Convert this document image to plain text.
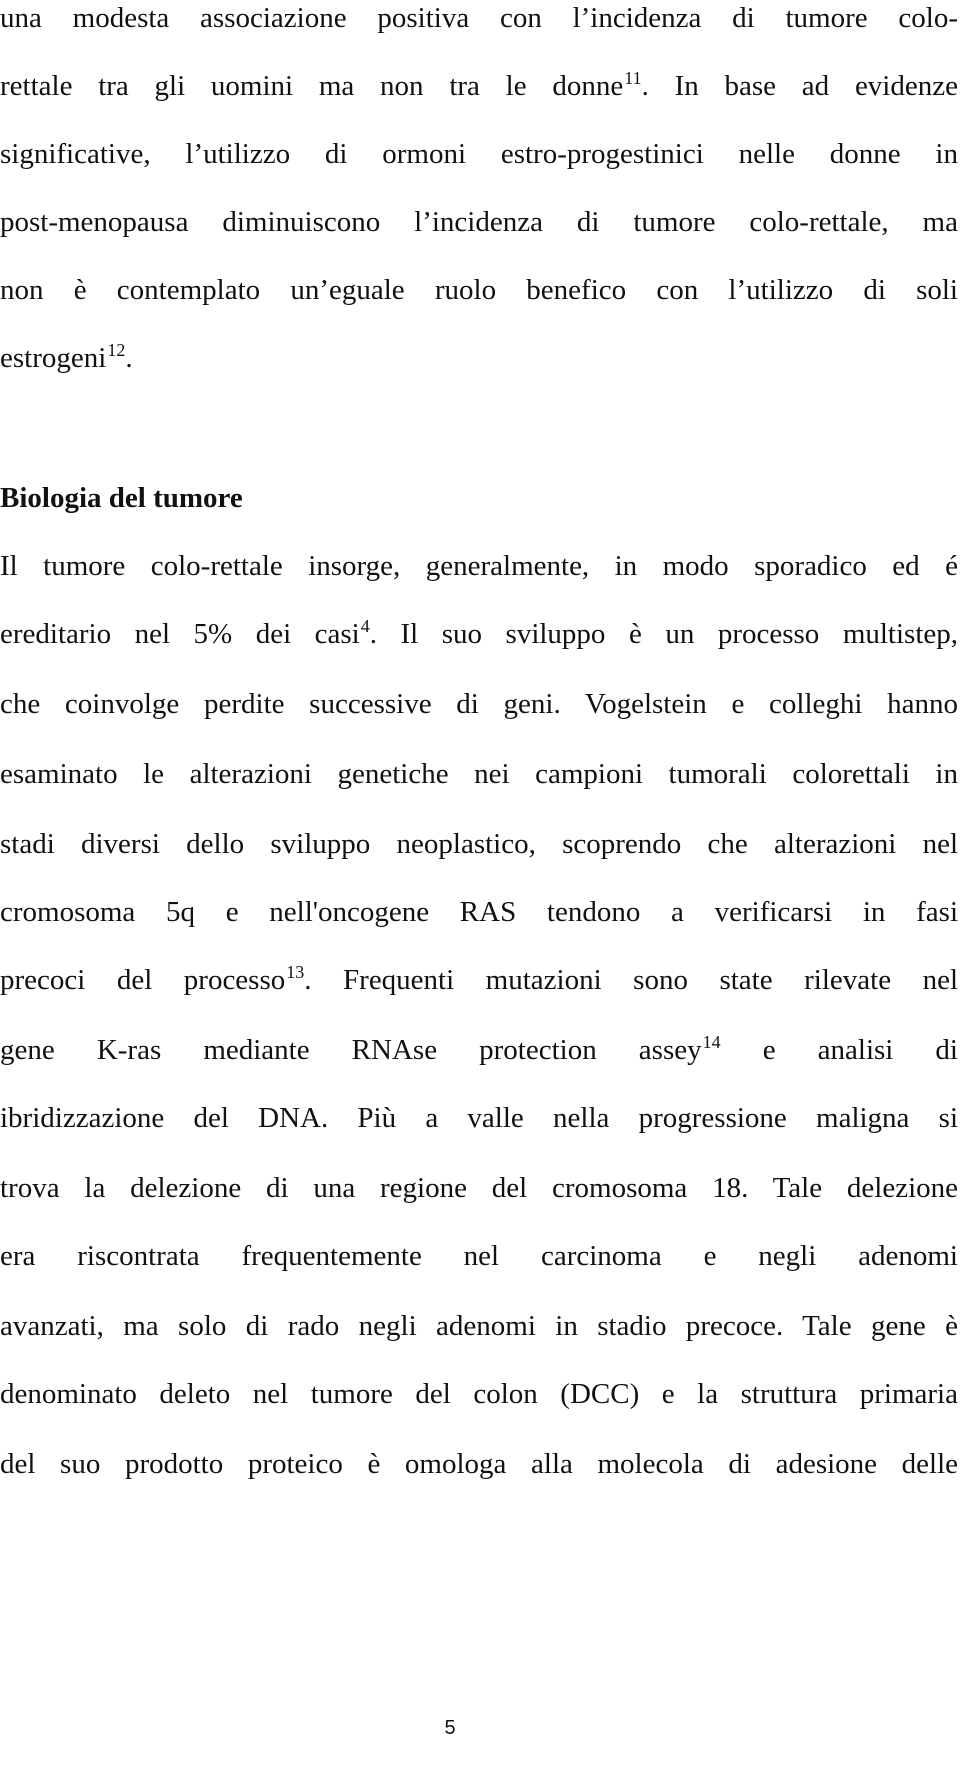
una modesta associazione positiva con l’incidenza di tumore colo-
rettale tra gli uomini ma non tra le donne$^{11}$. In base ad evidenze
significative, l’utilizzo di ormoni estro-progestinici nelle donne in
post-menopausa diminuiscono l’incidenza di tumore colo-rettale, ma
non è contemplato un’eguale ruolo benefico con l’utilizzo di soli
estrogeni$^{12}$.
Biologia del tumore
Il tumore colo-rettale insorge, generalmente, in modo sporadico ed é
ereditario nel 5% dei casi$^4$. Il suo sviluppo è un processo multistep,
che coinvolge perdite successive di geni. Vogelstein e colleghi hanno
esaminato le alterazioni genetiche nei campioni tumorali colorettali in
stadi diversi dello sviluppo neoplastico, scoprendo che alterazioni nel
cromosoma 5q e nell'oncogene RAS tendono a verificarsi in fasi
precoci del processo$^{13}$. Frequenti mutazioni sono state rilevate nel
gene K-ras mediante RNAse protection assey$^{14}$ e analisi di
ibridizzazione del DNA. Più a valle nella progressione maligna si
trova la delezione di una regione del cromosoma 18. Tale delezione
era riscontrata frequentemente nel carcinoma e negli adenomi
avanzati, ma solo di rado negli adenomi in stadio precoce. Tale gene è
denominato deleto nel tumore del colon (DCC) e la struttura primaria
del suo prodotto proteico è omologa alla molecola di adesione delle
5
